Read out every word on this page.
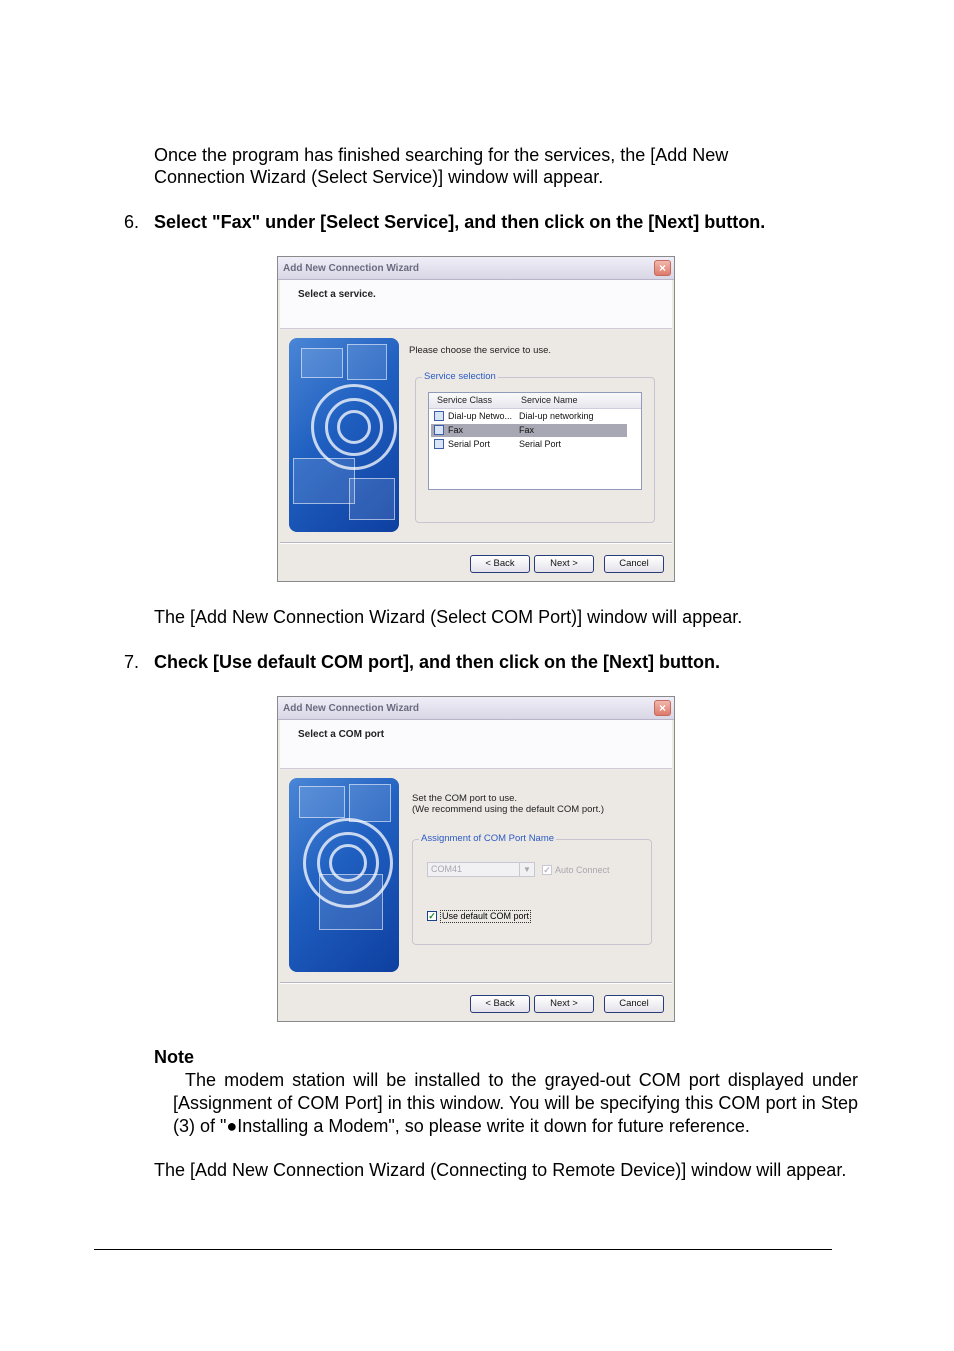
Once the program has finished searching for the services, the [Add New Connection Wizard (Select Service)] window will appear.

6. Select "Fax" under [Select Service], and then click on the [Next] button.
Add New Connection Wizard	×
Select a service.
Please choose the service to use.
Service selection
Service Class	Service Name
Dial-up Netwo... Dial-up networking
Fax	Fax
Serial Port	Serial Port
< Back	Next >	Cancel

The [Add New Connection Wizard (Select COM Port)] window will appear.

7. Check [Use default COM port], and then click on the [Next] button.
Add New Connection Wizard	×
Select a COM port
Set the COM port to use.
(We recommend using the default COM port.)
Assignment of COM Port Name
COM41	▼	✓ Auto Connect
✓ Use default COM port
< Back	Next >	Cancel
Note

The modem station will be installed to the grayed-out COM port displayed under [Assignment of COM Port] in this window. You will be specifying this COM port in Step (3) of "●Installing a Modem", so please write it down for future reference.

The [Add New Connection Wizard (Connecting to Remote Device)] window will appear.
